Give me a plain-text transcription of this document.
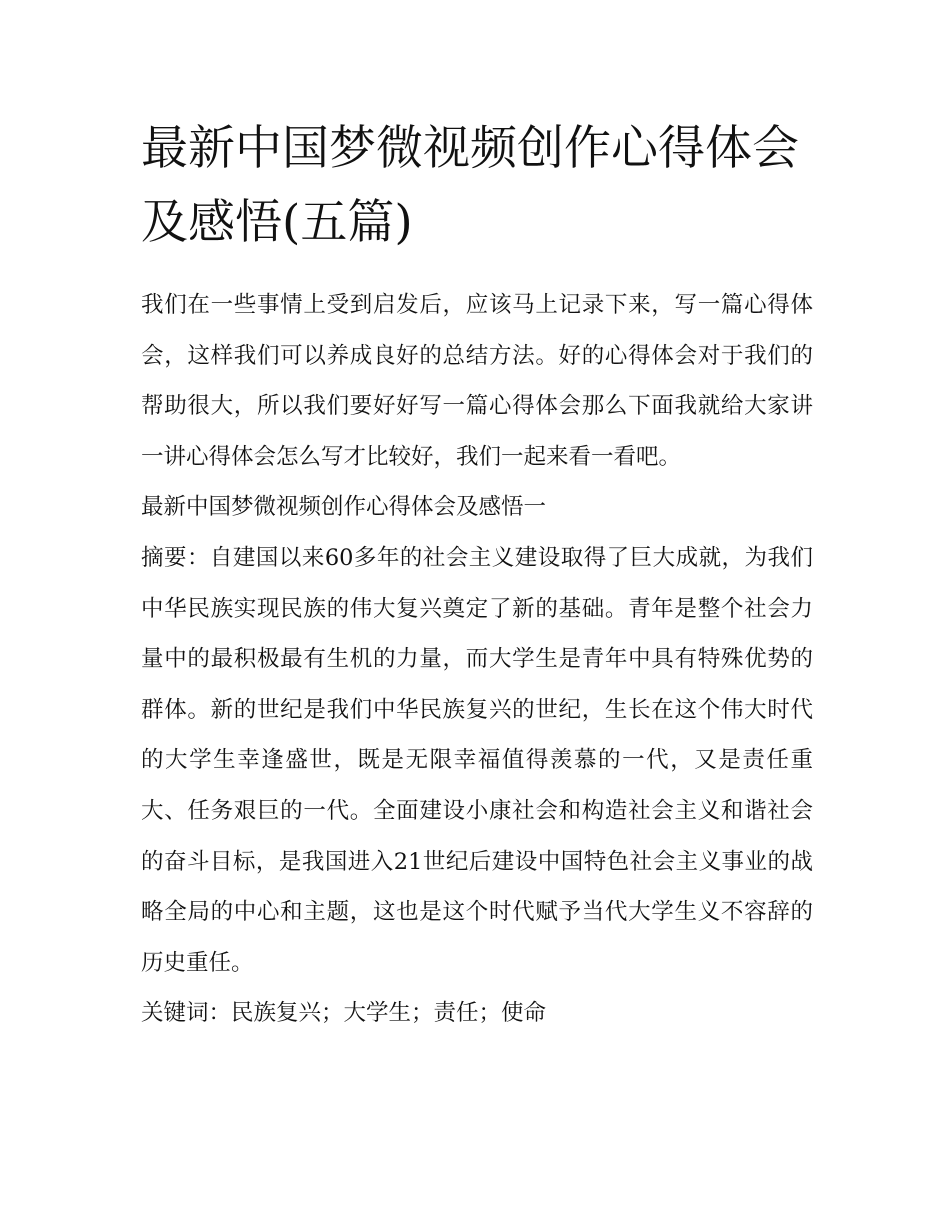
最新中国梦微视频创作心得体会及感悟(五篇)

我们在一些事情上受到启发后，应该马上记录下来，写一篇心得体会，这样我们可以养成良好的总结方法。好的心得体会对于我们的帮助很大，所以我们要好好写一篇心得体会那么下面我就给大家讲一讲心得体会怎么写才比较好，我们一起来看一看吧。

最新中国梦微视频创作心得体会及感悟一

摘要：自建国以来60多年的社会主义建设取得了巨大成就，为我们中华民族实现民族的伟大复兴奠定了新的基础。青年是整个社会力量中的最积极最有生机的力量，而大学生是青年中具有特殊优势的群体。新的世纪是我们中华民族复兴的世纪，生长在这个伟大时代的大学生幸逢盛世，既是无限幸福值得羡慕的一代，又是责任重大、任务艰巨的一代。全面建设小康社会和构造社会主义和谐社会的奋斗目标，是我国进入21世纪后建设中国特色社会主义事业的战略全局的中心和主题，这也是这个时代赋予当代大学生义不容辞的历史重任。

关键词：民族复兴；大学生；责任；使命
